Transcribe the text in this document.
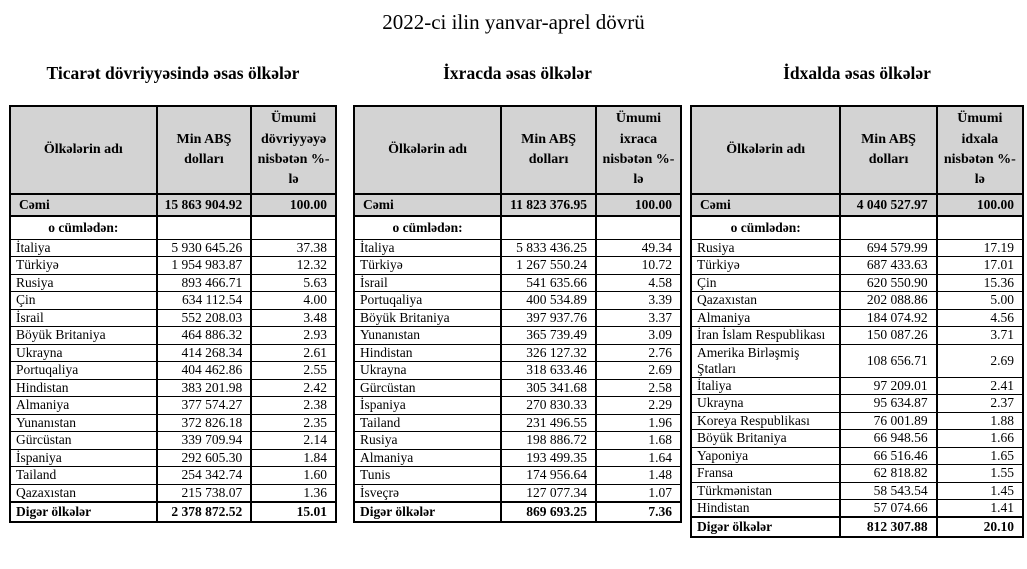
2022-ci ilin yanvar-aprel dövrü
Ticarət dövriyyəsində əsas ölkələr
Ölkələrin adı	Min ABŞ dolları	Ümumi dövriyyəyə nisbətən %-lə
Cəmi	15 863 904.92	100.00
o cümlədən:		
İtaliya	5 930 645.26	37.38
Türkiyə	1 954 983.87	12.32
Rusiya	893 466.71	5.63
Çin	634 112.54	4.00
İsrail	552 208.03	3.48
Böyük Britaniya	464 886.32	2.93
Ukrayna	414 268.34	2.61
Portuqaliya	404 462.86	2.55
Hindistan	383 201.98	2.42
Almaniya	377 574.27	2.38
Yunanıstan	372 826.18	2.35
Gürcüstan	339 709.94	2.14
İspaniya	292 605.30	1.84
Tailand	254 342.74	1.60
Qazaxıstan	215 738.07	1.36
Digər ölkələr	2 378 872.52	15.01
İxracda əsas ölkələr
Ölkələrin adı	Min ABŞ dolları	Ümumi ixraca nisbətən %-lə
Cəmi	11 823 376.95	100.00
o cümlədən:		
İtaliya	5 833 436.25	49.34
Türkiyə	1 267 550.24	10.72
İsrail	541 635.66	4.58
Portuqaliya	400 534.89	3.39
Böyük Britaniya	397 937.76	3.37
Yunanıstan	365 739.49	3.09
Hindistan	326 127.32	2.76
Ukrayna	318 633.46	2.69
Gürcüstan	305 341.68	2.58
İspaniya	270 830.33	2.29
Tailand	231 496.55	1.96
Rusiya	198 886.72	1.68
Almaniya	193 499.35	1.64
Tunis	174 956.64	1.48
İsveçrə	127 077.34	1.07
Digər ölkələr	869 693.25	7.36
İdxalda əsas ölkələr
Ölkələrin adı	Min ABŞ dolları	Ümumi idxala nisbətən %-lə
Cəmi	4 040 527.97	100.00
o cümlədən:		
Rusiya	694 579.99	17.19
Türkiyə	687 433.63	17.01
Çin	620 550.90	15.36
Qazaxıstan	202 088.86	5.00
Almaniya	184 074.92	4.56
İran İslam Respublikası	150 087.26	3.71
Amerika Birləşmiş Ştatları	108 656.71	2.69
İtaliya	97 209.01	2.41
Ukrayna	95 634.87	2.37
Koreya Respublikası	76 001.89	1.88
Böyük Britaniya	66 948.56	1.66
Yaponiya	66 516.46	1.65
Fransa	62 818.82	1.55
Türkmənistan	58 543.54	1.45
Hindistan	57 074.66	1.41
Digər ölkələr	812 307.88	20.10
